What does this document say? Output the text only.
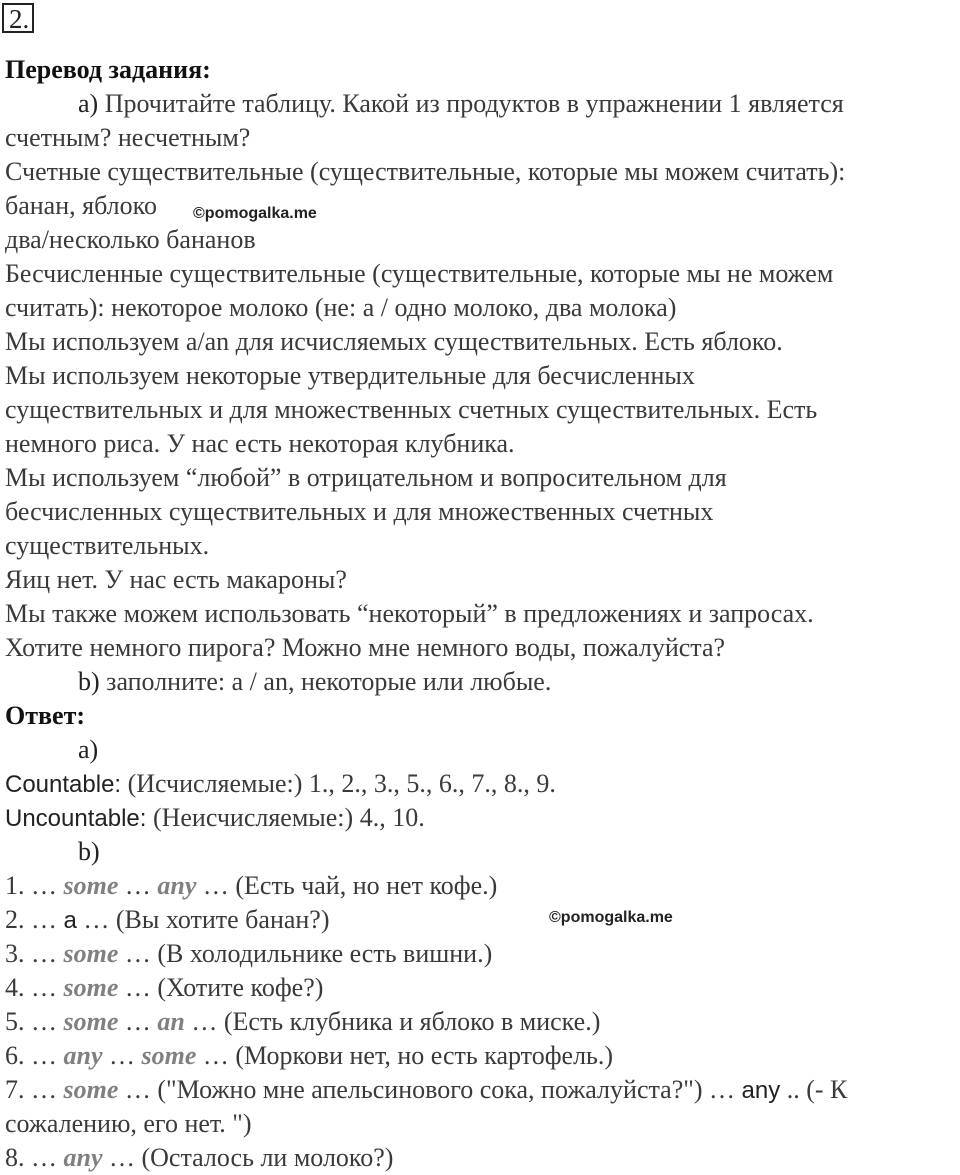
2.
Перевод задания:
а) Прочитайте таблицу. Какой из продуктов в упражнении 1 является
счетным? несчетным?
Счетные существительные (существительные, которые мы можем считать):
банан, яблоко
два/несколько бананов
Бесчисленные существительные (существительные, которые мы не можем
считать): некоторое молоко (не: а / одно молоко, два молока)
Мы используем a/an для исчисляемых существительных. Есть яблоко.
Мы используем некоторые утвердительные для бесчисленных
существительных и для множественных счетных существительных. Есть
немного риса. У нас есть некоторая клубника.
Мы используем “любой” в отрицательном и вопросительном для
бесчисленных существительных и для множественных счетных
существительных.
Яиц нет. У нас есть макароны?
Мы также можем использовать “некоторый” в предложениях и запросах.
Хотите немного пирога? Можно мне немного воды, пожалуйста?
b) заполните: a / an, некоторые или любые.
©pomogalka.me
Ответ:
а)
Countable: (Исчисляемые:) 1., 2., 3., 5., 6., 7., 8., 9.
Uncountable: (Неисчисляемые:) 4., 10.
b)
1. … some … any … (Есть чай, но нет кофе.)
2. … a … (Вы хотите банан?)	©pomogalka.me
3. … some … (В холодильнике есть вишни.)
4. … some … (Хотите кофе?)
5. … some … an … (Есть клубника и яблоко в миске.)
6. … any … some … (Моркови нет, но есть картофель.)
7. … some … ("Можно мне апельсинового сока, пожалуйста?") … any .. (- К
сожалению, его нет. ")
8. … any … (Осталось ли молоко?)
